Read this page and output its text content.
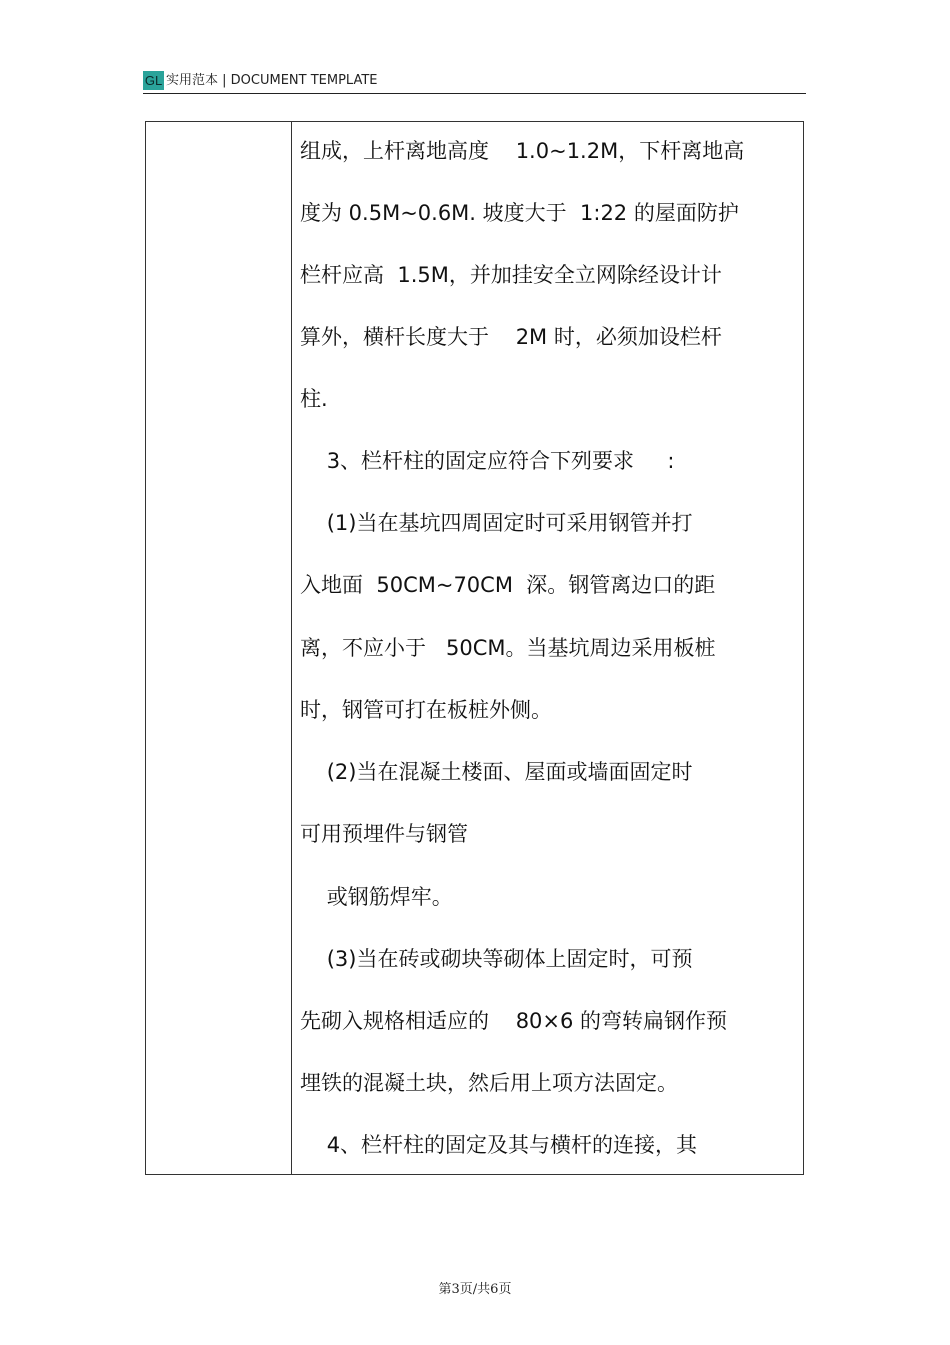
GL 实用范本 | DOCUMENT TEMPLATE
组成，上杆离地高度    1.0~1.2M，下杆离地高
度为 0.5M~0.6M. 坡度大于  1:22 的屋面防护
栏杆应高  1.5M，并加挂安全立网除经设计计
算外，横杆长度大于    2M 时，必须加设栏杆
柱.
3、栏杆柱的固定应符合下列要求     :
(1)当在基坑四周固定时可采用钢管并打
入地面  50CM~70CM  深。钢管离边口的距
离，不应小于   50CM。当基坑周边采用板桩
时，钢管可打在板桩外侧。
(2)当在混凝土楼面、屋面或墙面固定时
可用预埋件与钢管
或钢筋焊牢。
(3)当在砖或砌块等砌体上固定时，可预
先砌入规格相适应的    80×6 的弯转扁钢作预
埋铁的混凝土块，然后用上项方法固定。
4、栏杆柱的固定及其与横杆的连接，其
第3页/共6页
